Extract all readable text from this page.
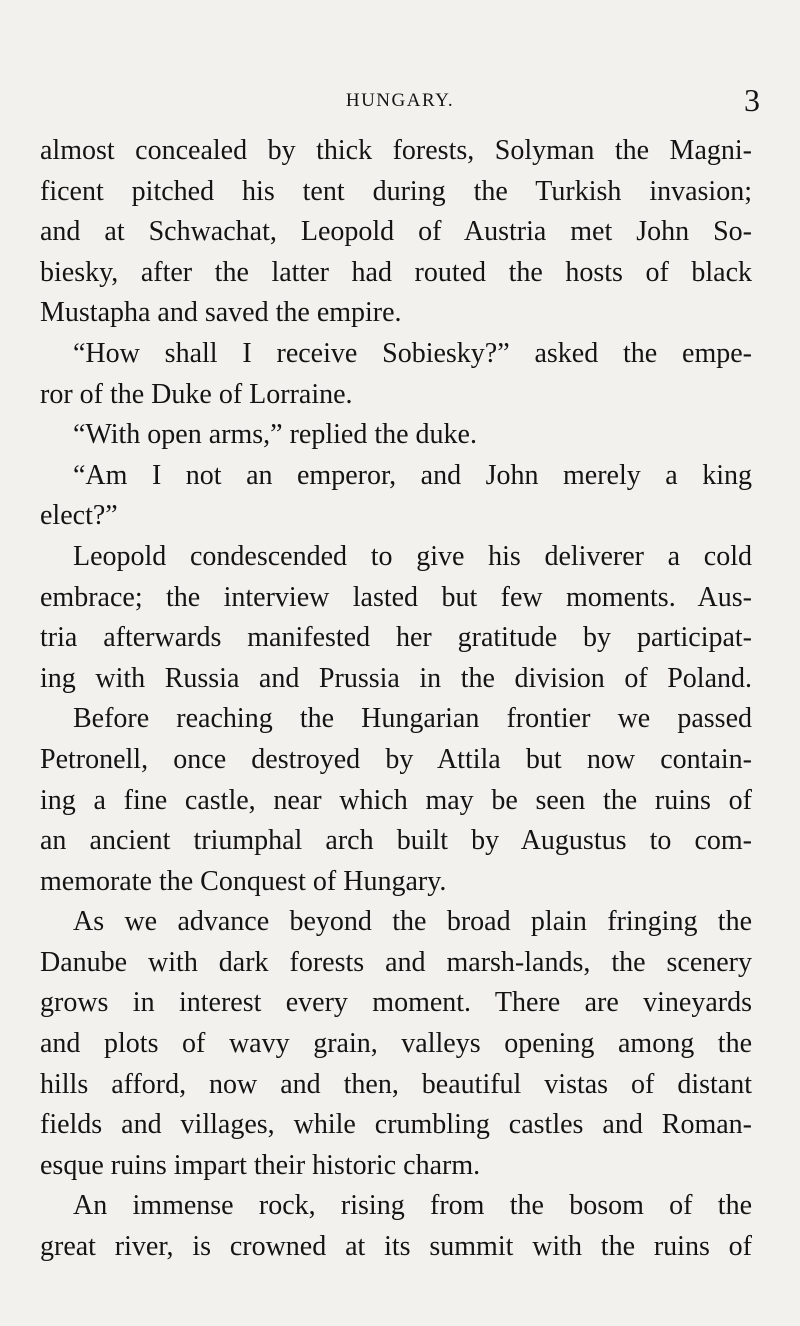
HUNGARY.	3
almost concealed by thick forests, Solyman the Magni-
ficent pitched his tent during the Turkish invasion;
and at Schwachat, Leopold of Austria met John So-
biesky, after the latter had routed the hosts of black
Mustapha and saved the empire.
“How shall I receive Sobiesky?” asked the empe-
ror of the Duke of Lorraine.
“With open arms,” replied the duke.
“Am I not an emperor, and John merely a king
elect?”
Leopold condescended to give his deliverer a cold
embrace; the interview lasted but few moments. Aus-
tria afterwards manifested her gratitude by participat-
ing with Russia and Prussia in the division of Poland.
Before reaching the Hungarian frontier we passed
Petronell, once destroyed by Attila but now contain-
ing a fine castle, near which may be seen the ruins of
an ancient triumphal arch built by Augustus to com-
memorate the Conquest of Hungary.
As we advance beyond the broad plain fringing the
Danube with dark forests and marsh-lands, the scenery
grows in interest every moment. There are vineyards
and plots of wavy grain, valleys opening among the
hills afford, now and then, beautiful vistas of distant
fields and villages, while crumbling castles and Roman-
esque ruins impart their historic charm.
An immense rock, rising from the bosom of the
great river, is crowned at its summit with the ruins of
